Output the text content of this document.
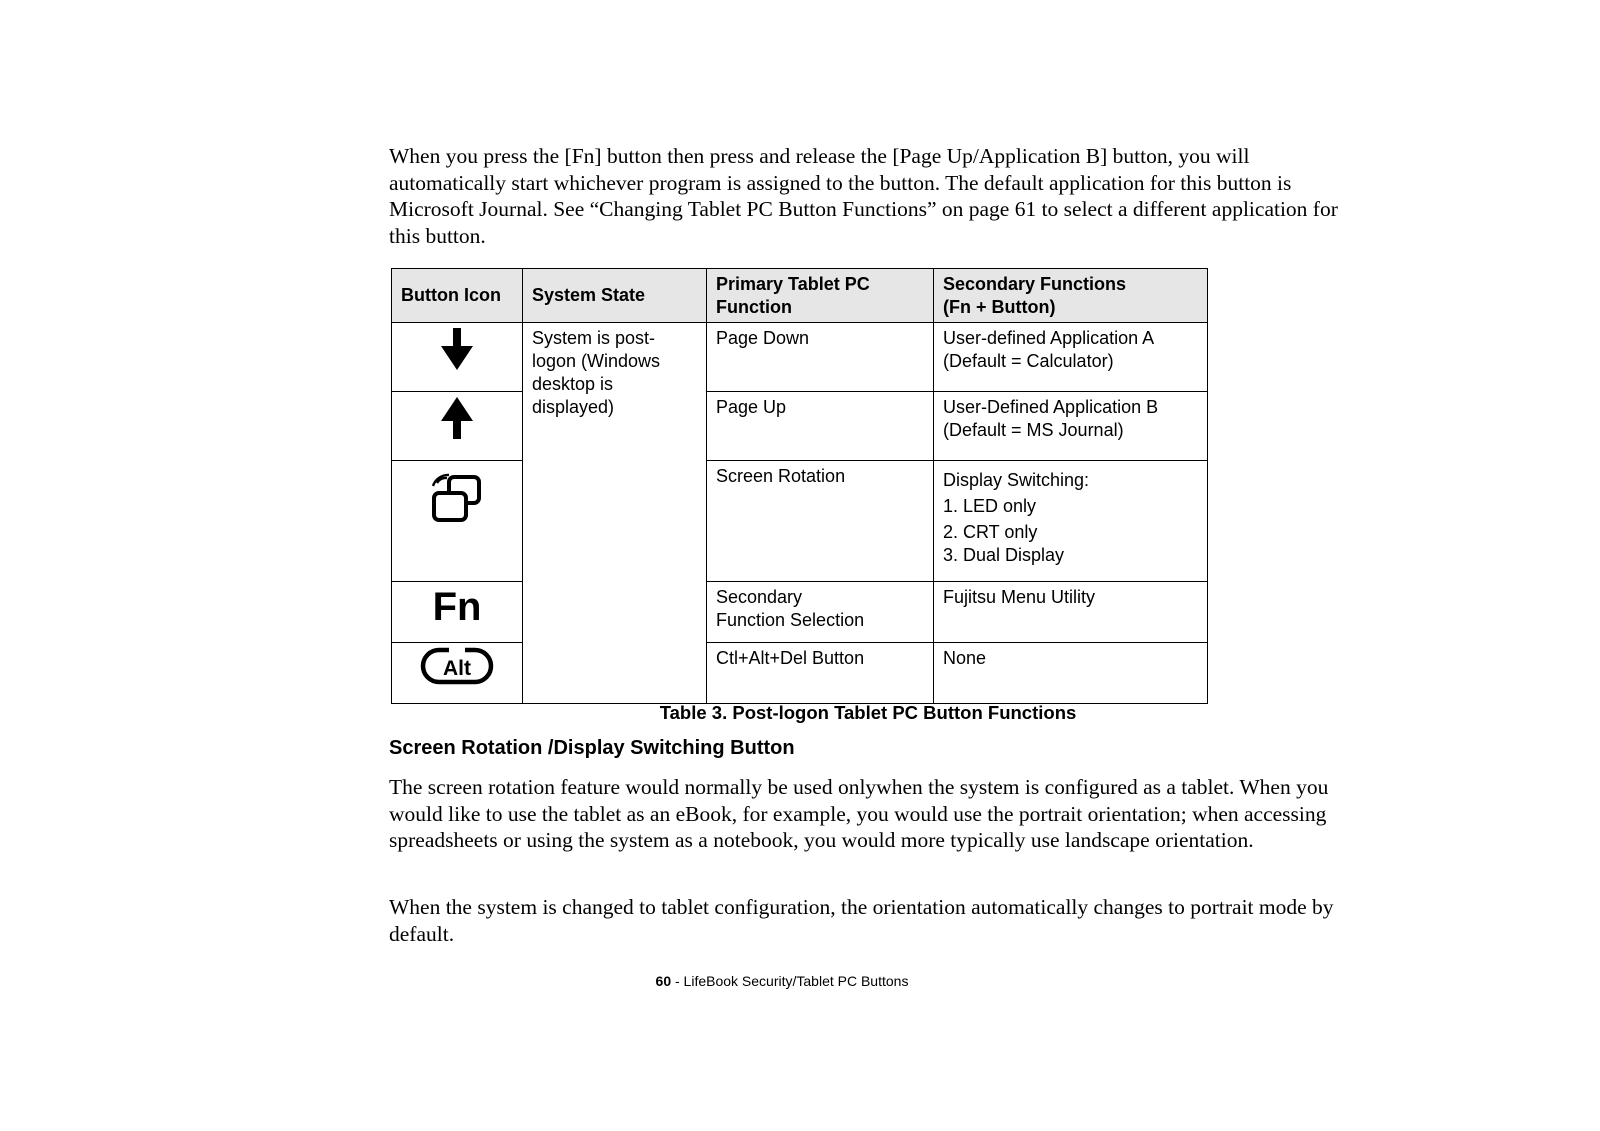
When you press the [Fn] button then press and release the [Page Up/Application B] button, you will automatically start whichever program is assigned to the button. The default application for this button is Microsoft Journal. See “Changing Tablet PC Button Functions” on page 61 to select a different application for this button.

Button Icon	System State	Primary Tablet PC Function	Secondary Functions
(Fn + Button)

	System is post-logon (Windows desktop is displayed)	Page Down	User-defined Application A
(Default = Calculator)

	Page Up	User-Defined Application B
(Default = MS Journal)

	Screen Rotation	Display Switching:
1. LED only
2. CRT only
3. Dual Display

Fn		Secondary
Function Selection	Fujitsu Menu Utility

Alt		Ctl+Alt+Del Button	None
Table 3. Post-logon Tablet PC Button Functions
Screen Rotation /Display Switching Button

The screen rotation feature would normally be used onlywhen the system is configured as a tablet. When you would like to use the tablet as an eBook, for example, you would use the portrait orientation; when accessing spreadsheets or using the system as a notebook, you would more typically use landscape orientation.

When the system is changed to tablet configuration, the orientation automatically changes to portrait mode by default.

60 - LifeBook Security/Tablet PC Buttons
